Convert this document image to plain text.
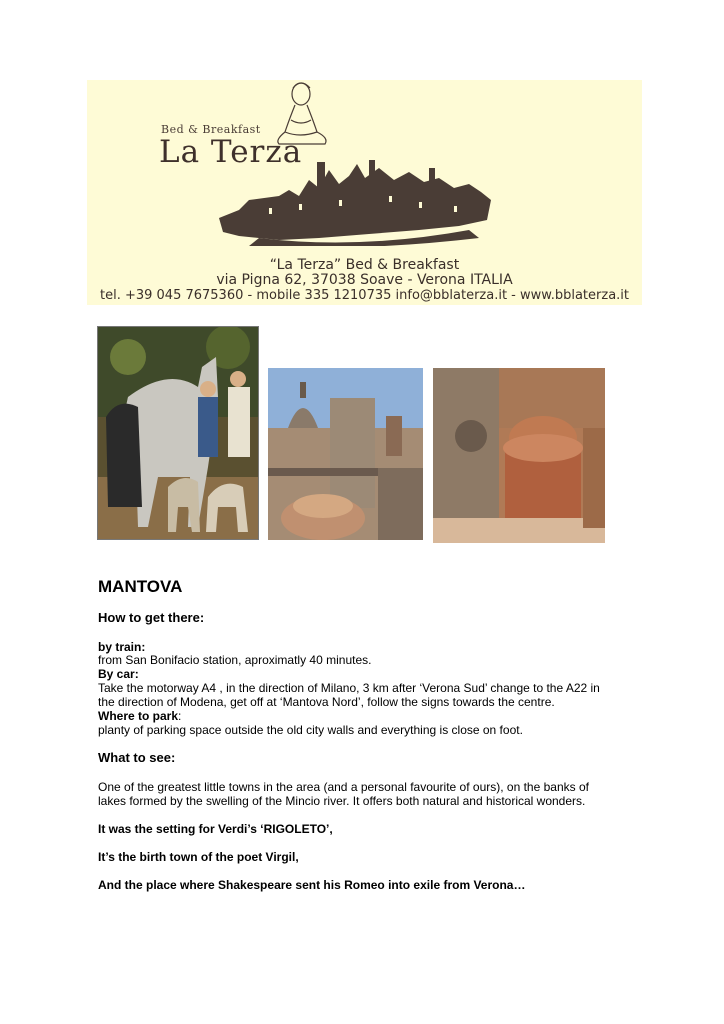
Bed & Breakfast
La Terza
“La Terza” Bed & Breakfast
via Pigna 62, 37038 Soave - Verona ITALIA
tel. +39 045 7675360 - mobile 335 1210735 info@bblaterza.it - www.bblaterza.it
MANTOVA
How to get there:
by train:
from San Bonifacio station, aproximatly 40 minutes.
By car:
Take the motorway A4 , in the direction of Milano, 3 km after ‘Verona Sud’ change to the A22 in
the direction of Modena, get off at ‘Mantova Nord’, follow the signs towards the centre.
Where to park:
planty of parking space outside the old city walls and everything is close on foot.
What to see:
One of the greatest little towns in the area (and a personal favourite of ours), on the banks of
lakes formed by the swelling of the Mincio river. It offers both natural and historical wonders.
It was the setting for Verdi’s ‘RIGOLETO’,
It’s the birth town of the poet Virgil,
And the place where Shakespeare sent his Romeo into exile from Verona…
